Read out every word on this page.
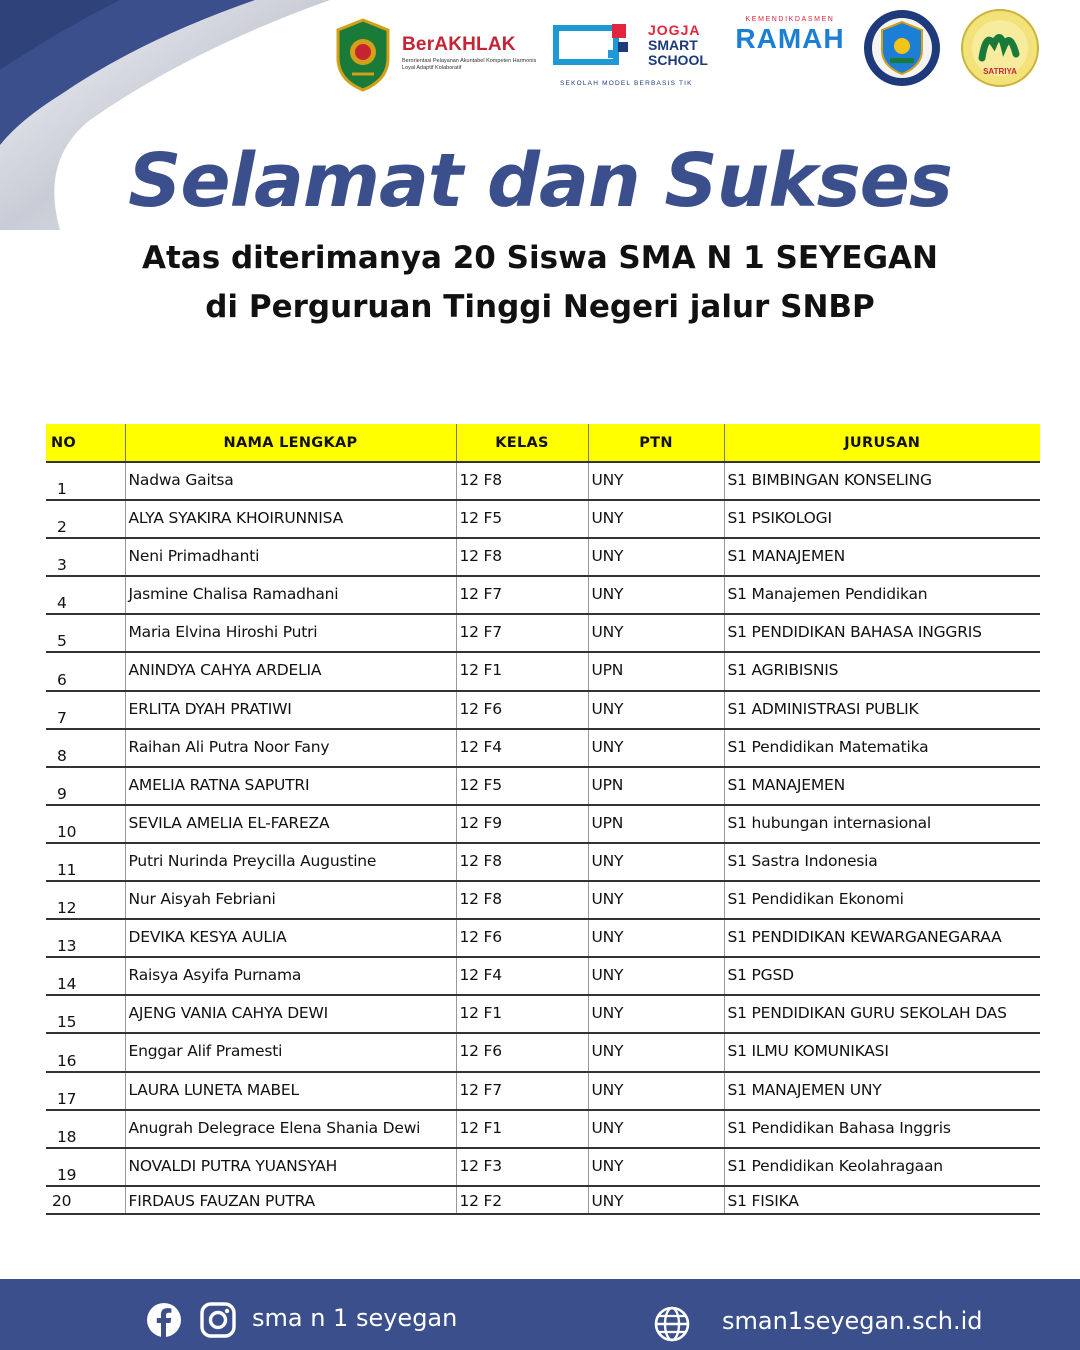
BerAKHLAK
Berorientasi Pelayanan Akuntabel Kompeten Harmonis Loyal Adaptif Kolaboratif
JOGJA
SMART
SCHOOL
SEKOLAH MODEL BERBASIS TIK
KEMENDIKDASMEN
RAMAH
SATRIYA
Selamat dan Sukses
Atas diterimanya 20 Siswa SMA N 1 SEYEGAN
di Perguruan Tinggi Negeri jalur SNBP
NO	NAMA LENGKAP	KELAS	PTN	JURUSAN
1	Nadwa Gaitsa	12 F8	UNY	S1 BIMBINGAN KONSELING
2	ALYA SYAKIRA KHOIRUNNISA	12 F5	UNY	S1 PSIKOLOGI
3	Neni Primadhanti	12 F8	UNY	S1 MANAJEMEN
4	Jasmine Chalisa Ramadhani	12 F7	UNY	S1 Manajemen Pendidikan
5	Maria Elvina Hiroshi Putri	12 F7	UNY	S1 PENDIDIKAN BAHASA INGGRIS
6	ANINDYA CAHYA ARDELIA	12 F1	UPN	S1 AGRIBISNIS
7	ERLITA DYAH PRATIWI	12 F6	UNY	S1 ADMINISTRASI PUBLIK
8	Raihan Ali Putra Noor Fany	12 F4	UNY	S1 Pendidikan Matematika
9	AMELIA RATNA SAPUTRI	12 F5	UPN	S1 MANAJEMEN
10	SEVILA AMELIA EL-FAREZA	12 F9	UPN	S1 hubungan internasional
11	Putri Nurinda Preycilla Augustine	12 F8	UNY	S1 Sastra Indonesia
12	Nur Aisyah Febriani	12 F8	UNY	S1 Pendidikan Ekonomi
13	DEVIKA KESYA AULIA	12 F6	UNY	S1 PENDIDIKAN KEWARGANEGARAA
14	Raisya Asyifa Purnama	12 F4	UNY	S1 PGSD
15	AJENG VANIA CAHYA DEWI	12 F1	UNY	S1 PENDIDIKAN GURU SEKOLAH DAS
16	Enggar Alif Pramesti	12 F6	UNY	S1 ILMU KOMUNIKASI
17	LAURA LUNETA MABEL	12 F7	UNY	S1 MANAJEMEN UNY
18	Anugrah Delegrace Elena Shania Dewi	12 F1	UNY	S1 Pendidikan Bahasa Inggris
19	NOVALDI PUTRA YUANSYAH	12 F3	UNY	S1 Pendidikan Keolahragaan
20	FIRDAUS FAUZAN PUTRA	12 F2	UNY	S1 FISIKA
sma n 1 seyegan	sman1seyegan.sch.id
